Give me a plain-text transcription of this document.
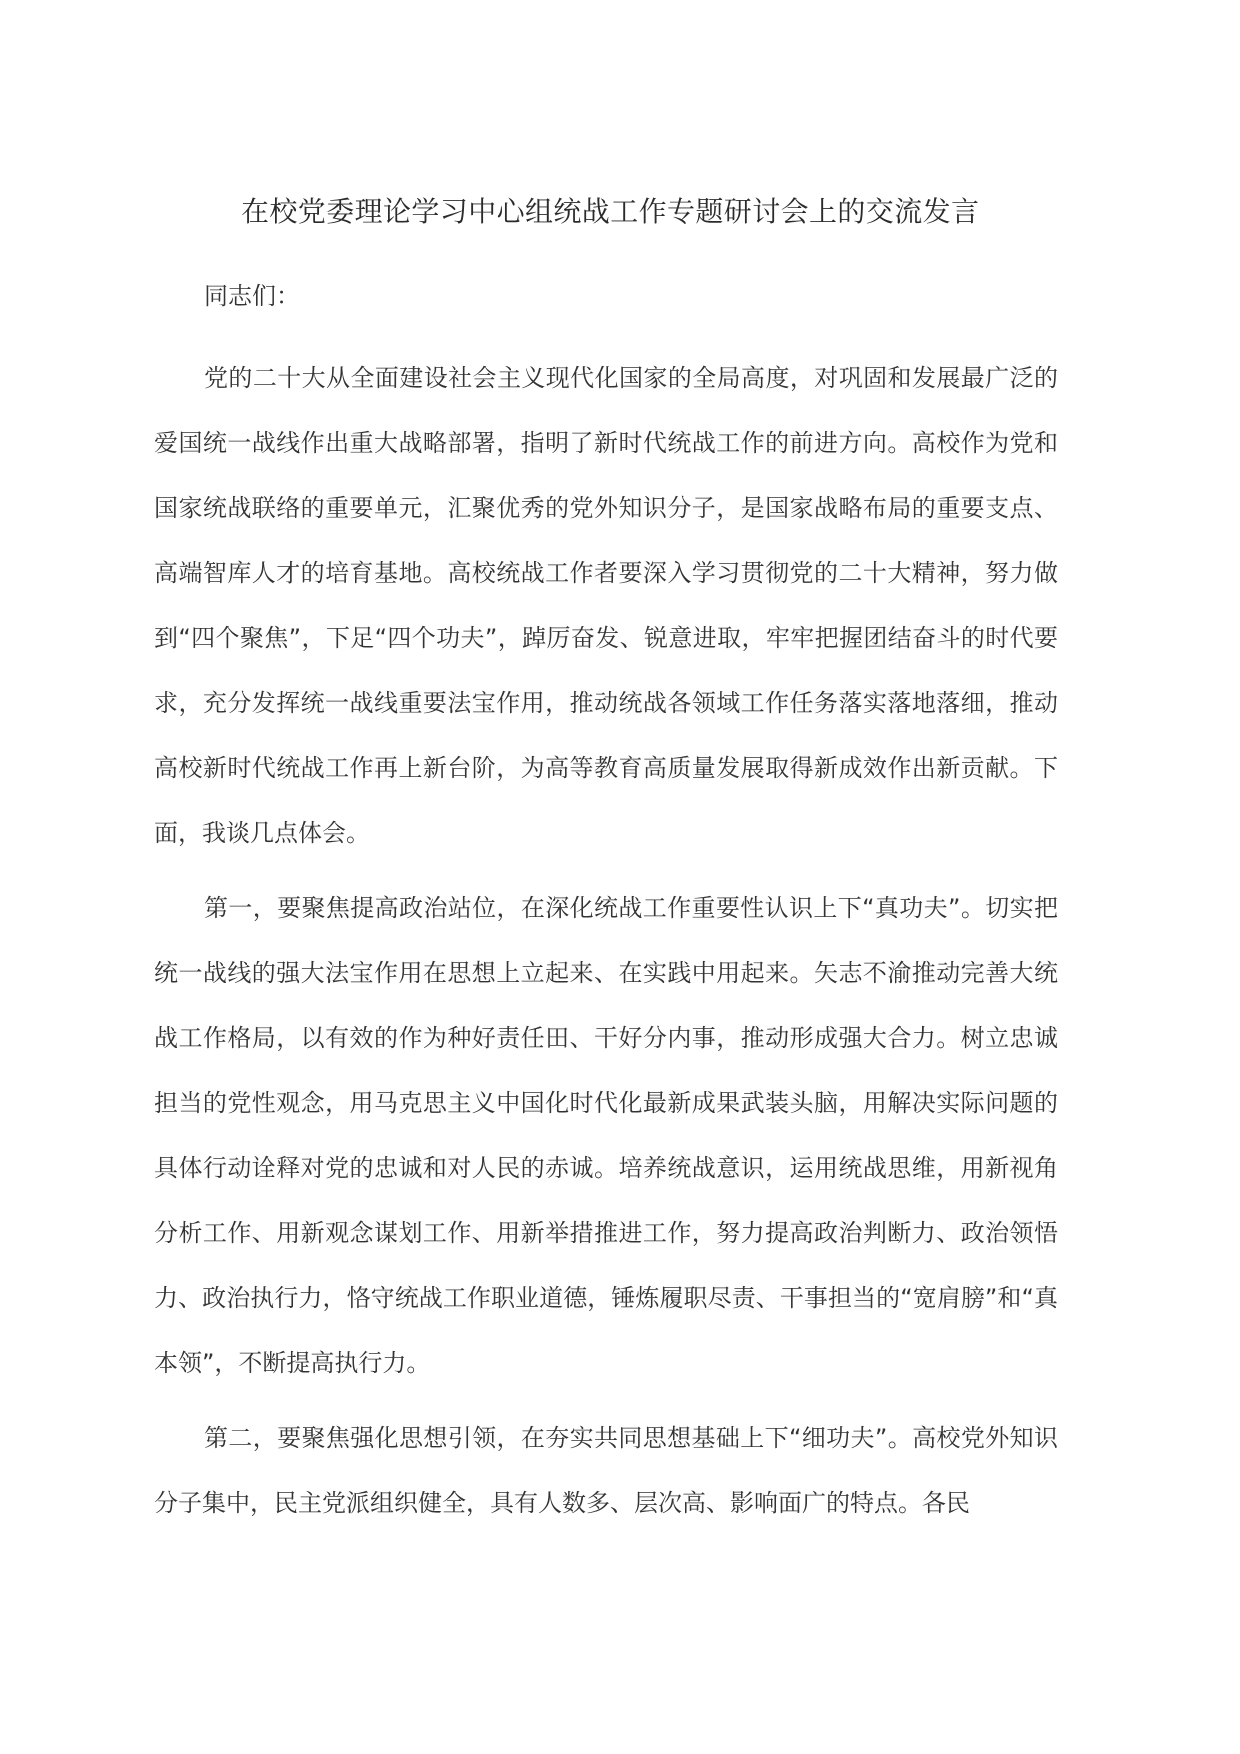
在校党委理论学习中心组统战工作专题研讨会上的交流发言
同志们：

党的二十大从全面建设社会主义现代化国家的全局高度，对巩固和发展最广泛的爱国统一战线作出重大战略部署，指明了新时代统战工作的前进方向。高校作为党和国家统战联络的重要单元，汇聚优秀的党外知识分子，是国家战略布局的重要支点、高端智库人才的培育基地。高校统战工作者要深入学习贯彻党的二十大精神，努力做到“四个聚焦”，下足“四个功夫”，踔厉奋发、锐意进取，牢牢把握团结奋斗的时代要求，充分发挥统一战线重要法宝作用，推动统战各领域工作任务落实落地落细，推动高校新时代统战工作再上新台阶，为高等教育高质量发展取得新成效作出新贡献。下面，我谈几点体会。

第一，要聚焦提高政治站位，在深化统战工作重要性认识上下“真功夫”。切实把统一战线的强大法宝作用在思想上立起来、在实践中用起来。矢志不渝推动完善大统战工作格局，以有效的作为种好责任田、干好分内事，推动形成强大合力。树立忠诚担当的党性观念，用马克思主义中国化时代化最新成果武装头脑，用解决实际问题的具体行动诠释对党的忠诚和对人民的赤诚。培养统战意识，运用统战思维，用新视角分析工作、用新观念谋划工作、用新举措推进工作，努力提高政治判断力、政治领悟力、政治执行力，恪守统战工作职业道德，锤炼履职尽责、干事担当的“宽肩膀”和“真本领”，不断提高执行力。

第二，要聚焦强化思想引领，在夯实共同思想基础上下“细功夫”。高校党外知识分子集中，民主党派组织健全，具有人数多、层次高、影响面广的特点。各民
